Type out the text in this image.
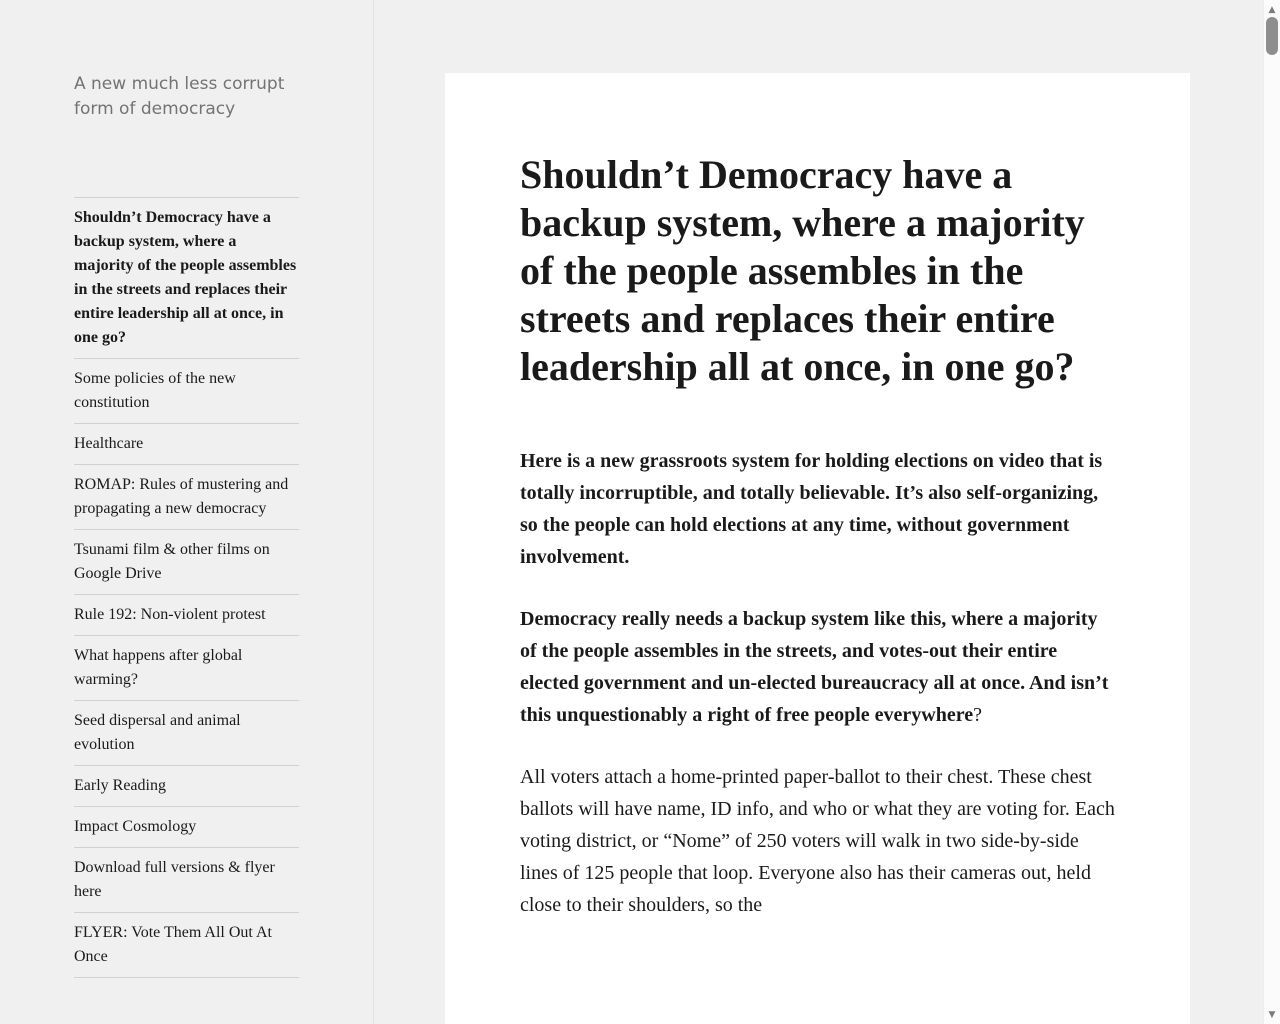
A new much less corrupt form of democracy

Shouldn’t Democracy have a backup system, where a majority of the people assembles in the streets and replaces their entire leadership all at once, in one go?
Some policies of the new constitution
Healthcare
ROMAP: Rules of mustering and propagating a new democracy
Tsunami film & other films on Google Drive
Rule 192: Non-violent protest
What happens after global warming?
Seed dispersal and animal evolution
Early Reading
Impact Cosmology
Download full versions & flyer here
FLYER: Vote Them All Out At Once
Shouldn’t Democracy have a backup system, where a majority of the people assembles in the streets and replaces their entire leadership all at once, in one go?

Here is a new grassroots system for holding elections on video that is totally incorruptible, and totally believable. It’s also self-organizing, so the people can hold elections at any time, without government involvement.

Democracy really needs a backup system like this, where a majority of the people assembles in the streets, and votes-out their entire elected government and un-elected bureaucracy all at once. And isn’t this unquestionably a right of free people everywhere?

All voters attach a home-printed paper-ballot to their chest. These chest ballots will have name, ID info, and who or what they are voting for. Each voting district, or “Nome” of 250 voters will walk in two side-by-side lines of 125 people that loop. Everyone also has their cameras out, held close to their shoulders, so the

▲
▼
